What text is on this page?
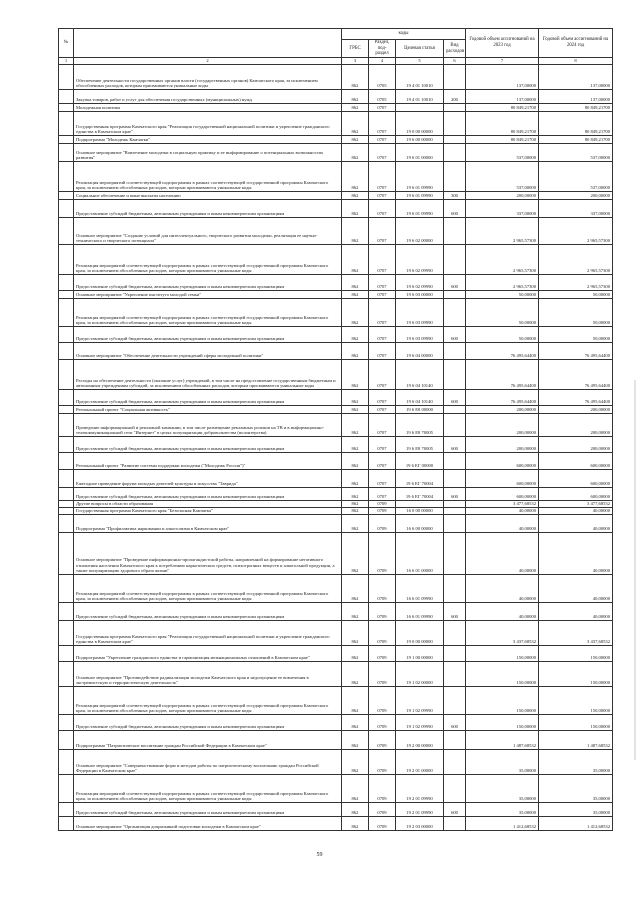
№		коды				Годовой объем ассигнований на 2023 год	Годовой объем ассигнований на 2024 год
		ГРБС	Раздел, под-раздел	Целевая статья	Вид расходов		
1	2	3	4	5	6	7	8
	Обеспечение деятельности государственных органов власти (государственных органов) Камчатского края, за исключением обособленных расходов, которым присваиваются уникальные коды	862	0705	19 4 01 10010		137,00000	137,00000
	Закупка товаров, работ и услуг для обеспечения государственных (муниципальных) нужд	862	0705	19 4 01 10010	200	137,00000	137,00000
	Молодежная политика	862	0707			80 849,21700	80 849,21700
	Государственная программа Камчатского края "Реализация государственной национальной политики и укрепление гражданского единства в Камчатском крае"	862	0707	19 0 00 00000		80 849,21700	80 849,21700
	Подпрограмма "Молодежь Камчатки"	862	0707	19 6 00 00000		80 849,21700	80 849,21700
	Основное мероприятие "Вовлечение молодежи в социальную практику и ее информирование о потенциальных возможностях развития"	862	0707	19 6 01 00000		537,00000	537,00000
	Реализация мероприятий соответствующей подпрограммы в рамках соответствующей государственной программы Камчатского края, за исключением обособленных расходов, которым присваиваются уникальные коды	862	0707	19 6 01 09990		537,00000	537,00000
	Социальное обеспечение и иные выплаты населению	862	0707	19 6 01 09990	300	200,00000	200,00000
	Предоставление субсидий бюджетным, автономным учреждениям и иным некоммерческим организациям	862	0707	19 6 01 09990	600	337,00000	337,00000
	Основное мероприятие "Создание условий для интеллектуального, творческого развития молодежи, реализация ее научно-технического и творческого потенциала"	862	0707	19 6 02 00000		2 965,57300	2 965,57300
	Реализация мероприятий соответствующей подпрограммы в рамках соответствующей государственной программы Камчатского края, за исключением обособленных расходов, которым присваиваются уникальные коды	862	0707	19 6 02 09990		2 965,57300	2 965,57300
	Предоставление субсидий бюджетным, автономным учреждениям и иным некоммерческим организациям	862	0707	19 6 02 09990	600	2 965,57300	2 965,57300
	Основное мероприятие "Укрепление института молодой семьи"	862	0707	19 6 03 00000		50,00000	50,00000
	Реализация мероприятий соответствующей подпрограммы в рамках соответствующей государственной программы Камчатского края, за исключением обособленных расходов, которым присваиваются уникальные коды	862	0707	19 6 03 09990		50,00000	50,00000
	Предоставление субсидий бюджетным, автономным учреждениям и иным некоммерческим организациям	862	0707	19 6 03 09990	600	50,00000	50,00000
	Основное мероприятие "Обеспечение деятельности учреждений сферы молодежной политики"	862	0707	19 6 04 00000		76 495,64400	76 495,64400
	Расходы на обеспечение деятельности (оказание услуг) учреждений, в том числе на предоставление государственным бюджетным и автономным учреждениям субсидий, за исключением обособленных расходов, которым присваиваются уникальные коды	862	0707	19 6 04 10140		76 495,64400	76 495,64400
	Предоставление субсидий бюджетным, автономным учреждениям и иным некоммерческим организациям	862	0707	19 6 04 10140	600	76 495,64400	76 495,64400
	Региональный проект "Социальная активность"	862	0707	19 6 Е8 00000		200,00000	200,00000
	Проведение информационной и рекламной кампании, в том числе размещение рекламных роликов на ТВ и в информационно-телекоммуникационной сети "Интернет" в целях популяризации добровольчества (волонтерства)	862	0707	19 6 Е8 70005		200,00000	200,00000
	Предоставление субсидий бюджетным, автономным учреждениям и иным некоммерческим организациям	862	0707	19 6 Е8 70005	600	200,00000	200,00000
	Региональный проект "Развитие системы поддержки молодежи ("Молодежь России")"	862	0707	19 6 ЕГ 00000		600,00000	600,00000
	Ежегодное проведение форума молодых деятелей культуры и искусства "Таврида"	862	0707	19 6 ЕГ 70004		600,00000	600,00000
	Предоставление субсидий бюджетным, автономным учреждениям и иным некоммерческим организациям	862	0707	19 6 ЕГ 70004	600	600,00000	600,00000
	Другие вопросы в области образования	862	0709			3 477,68532	3 477,68532
	Государственная программа Камчатского края "Безопасная Камчатка"	862	0709	16 0 00 00000		40,00000	40,00000
	Подпрограмма "Профилактика наркомании и алкоголизма в Камчатском крае"	862	0709	16 6 00 00000		40,00000	40,00000
	Основное мероприятие "Проведение информационно-пропагандистской работы, направленной на формирование негативного отношения населения Камчатского края к потреблению наркотических средств, психотропных веществ и алкогольной продукции, а также популяризацию здорового образа жизни"	862	0709	16 6 01 00000		40,00000	40,00000
	Реализация мероприятий соответствующей подпрограммы в рамках соответствующей государственной программы Камчатского края, за исключением обособленных расходов, которым присваиваются уникальные коды	862	0709	16 6 01 09990		40,00000	40,00000
	Предоставление субсидий бюджетным, автономным учреждениям и иным некоммерческим организациям	862	0709	16 6 01 09990	600	40,00000	40,00000
	Государственная программа Камчатского края "Реализация государственной национальной политики и укрепление гражданского единства в Камчатском крае"	862	0709	19 0 00 00000		3 437,68532	3 437,68532
	Подпрограмма "Укрепление гражданского единства и гармонизация межнациональных отношений в Камчатском крае"	862	0709	19 1 00 00000		150,00000	150,00000
	Основное мероприятие "Противодействие радикализации молодежи Камчатского края и недопущение ее вовлечения в экстремистскую и террористическую деятельность"	862	0709	19 1 02 00000		150,00000	150,00000
	Реализация мероприятий соответствующей подпрограммы в рамках соответствующей государственной программы Камчатского края, за исключением обособленных расходов, которым присваиваются уникальные коды	862	0709	19 1 02 09990		150,00000	150,00000
	Предоставление субсидий бюджетным, автономным учреждениям и иным некоммерческим организациям	862	0709	19 1 02 09990	600	150,00000	150,00000
	Подпрограмма "Патриотическое воспитание граждан Российской Федерации в Камчатском крае"	862	0709	19 2 00 00000		1 487,68532	1 487,68532
	Основное мероприятие "Совершенствование форм и методов работы по патриотическому воспитанию граждан Российской Федерации в Камчатском крае"	862	0709	19 2 01 00000		35,00000	35,00000
	Реализация мероприятий соответствующей подпрограммы в рамках соответствующей государственной программы Камчатского края, за исключением обособленных расходов, которым присваиваются уникальные коды	862	0709	19 2 01 09990		35,00000	35,00000
	Предоставление субсидий бюджетным, автономным учреждениям и иным некоммерческим организациям	862	0709	19 2 01 09990	600	35,00000	35,00000
	Основное мероприятие "Организация допризывной подготовки молодежи в Камчатском крае"	862	0709	19 2 03 00000		1 412,68532	1 412,68532
59
